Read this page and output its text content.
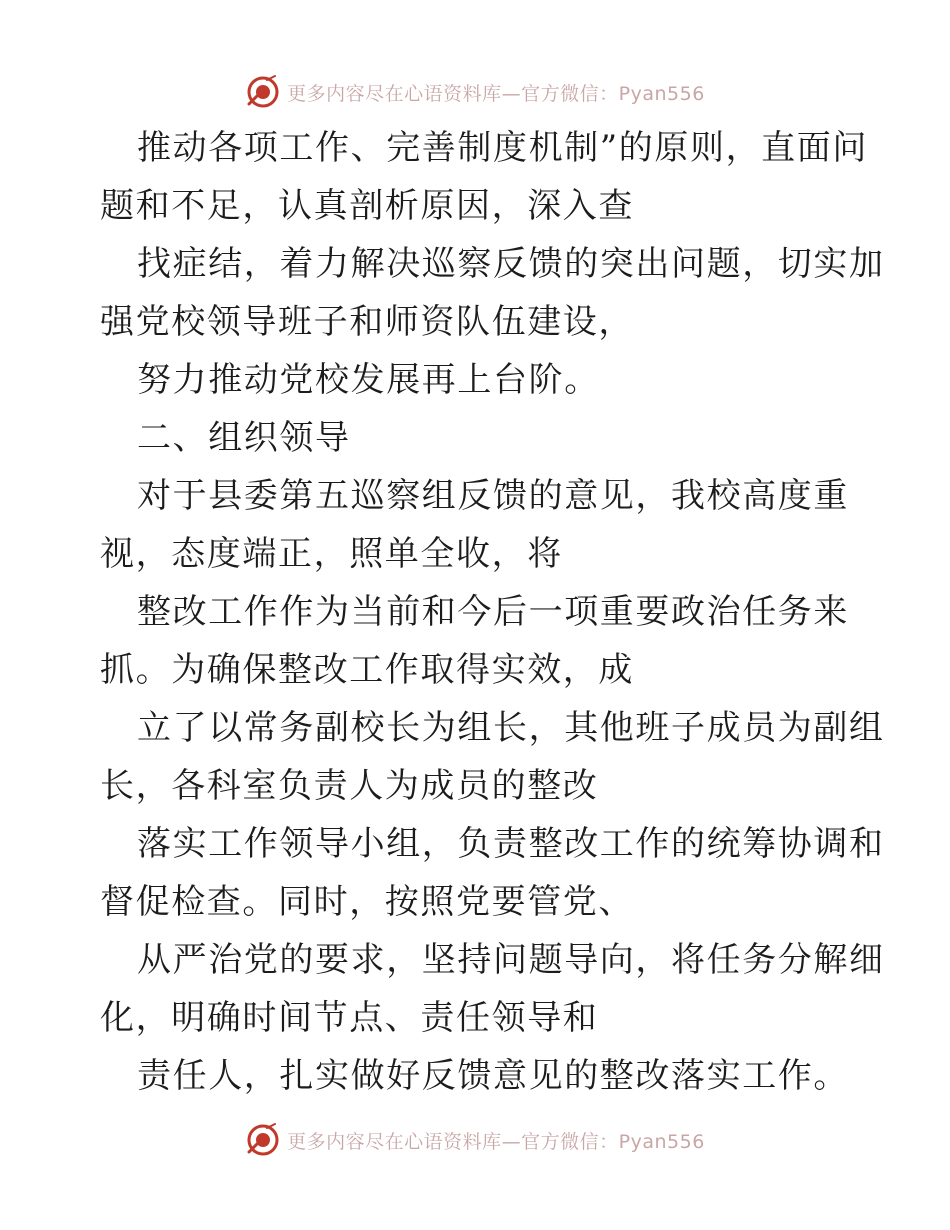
更多内容尽在心语资料库—官方微信：Pyan556
推动各项工作、完善制度机制”的原则，直面问
题和不足，认真剖析原因，深入查
找症结，着力解决巡察反馈的突出问题，切实加
强党校领导班子和师资队伍建设，
努力推动党校发展再上台阶。
二、组织领导
对于县委第五巡察组反馈的意见，我校高度重
视，态度端正，照单全收，将
整改工作作为当前和今后一项重要政治任务来
抓。为确保整改工作取得实效，成
立了以常务副校长为组长，其他班子成员为副组
长，各科室负责人为成员的整改
落实工作领导小组，负责整改工作的统筹协调和
督促检查。同时，按照党要管党、
从严治党的要求，坚持问题导向，将任务分解细
化，明确时间节点、责任领导和
责任人，扎实做好反馈意见的整改落实工作。
更多内容尽在心语资料库—官方微信：Pyan556
